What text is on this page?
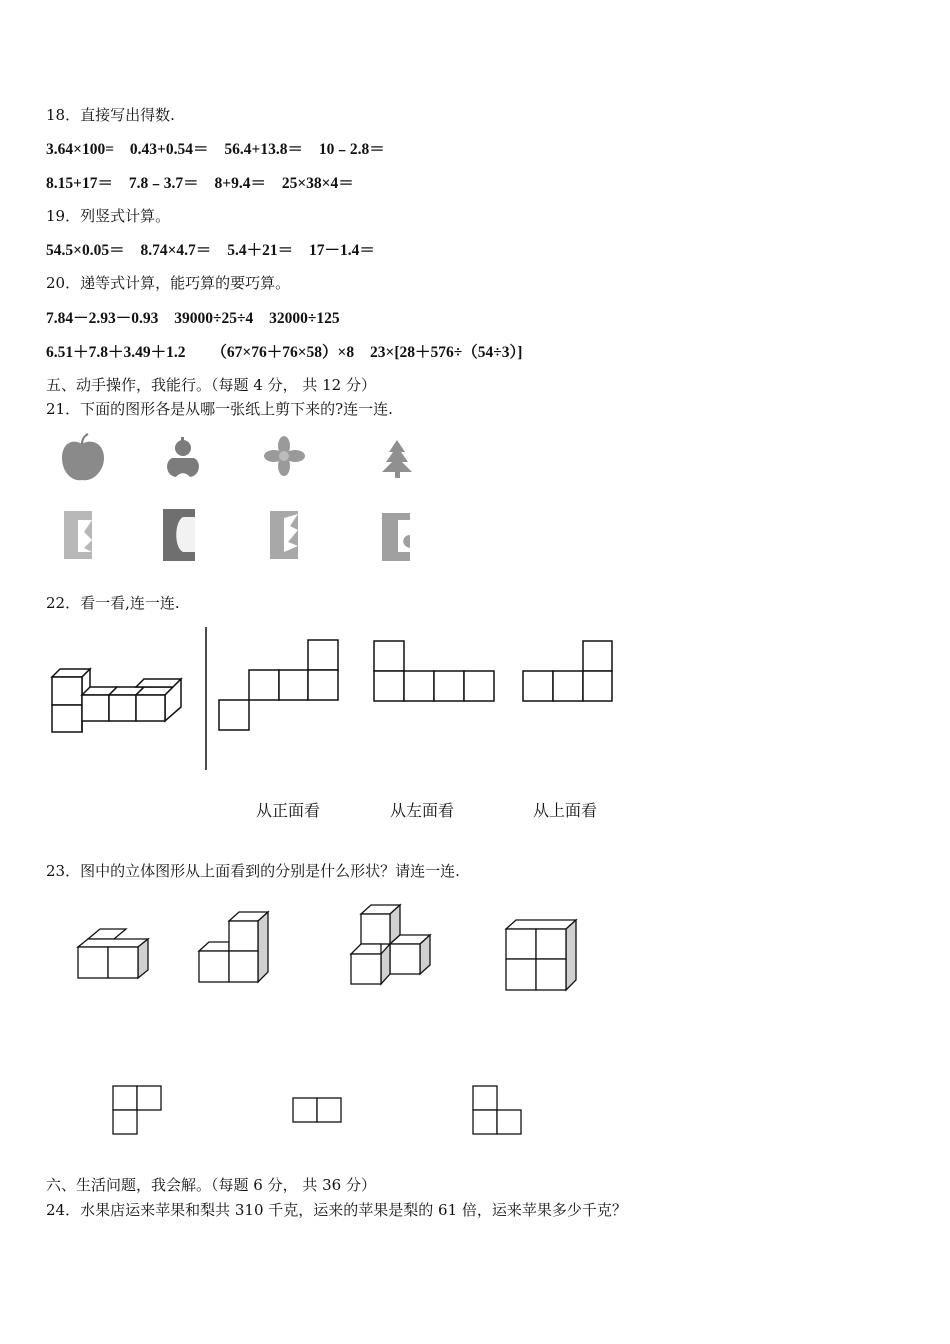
18．直接写出得数.
3.64×100= 0.43+0.54＝ 56.4+13.8＝ 10﹣2.8＝
8.15+17＝ 7.8﹣3.7＝ 8+9.4＝ 25×38×4＝
19．列竖式计算。
54.5×0.05＝ 8.74×4.7＝ 5.4＋21＝ 17－1.4＝
20．递等式计算，能巧算的要巧算。
7.84－2.93－0.93 39000÷25÷4 32000÷125
6.51＋7.8＋3.49＋1.2 （67×76＋76×58）×8 23×[28＋576÷（54÷3）]
五、动手操作，我能行。（每题 4 分， 共 12 分）
21．下面的图形各是从哪一张纸上剪下来的?连一连.
22．看一看,连一连.
从正面看	从左面看	从上面看
23．图中的立体图形从上面看到的分别是什么形状？请连一连.
六、生活问题，我会解。（每题 6 分， 共 36 分）
24．水果店运来苹果和梨共 310 千克，运来的苹果是梨的 61 倍，运来苹果多少千克？
